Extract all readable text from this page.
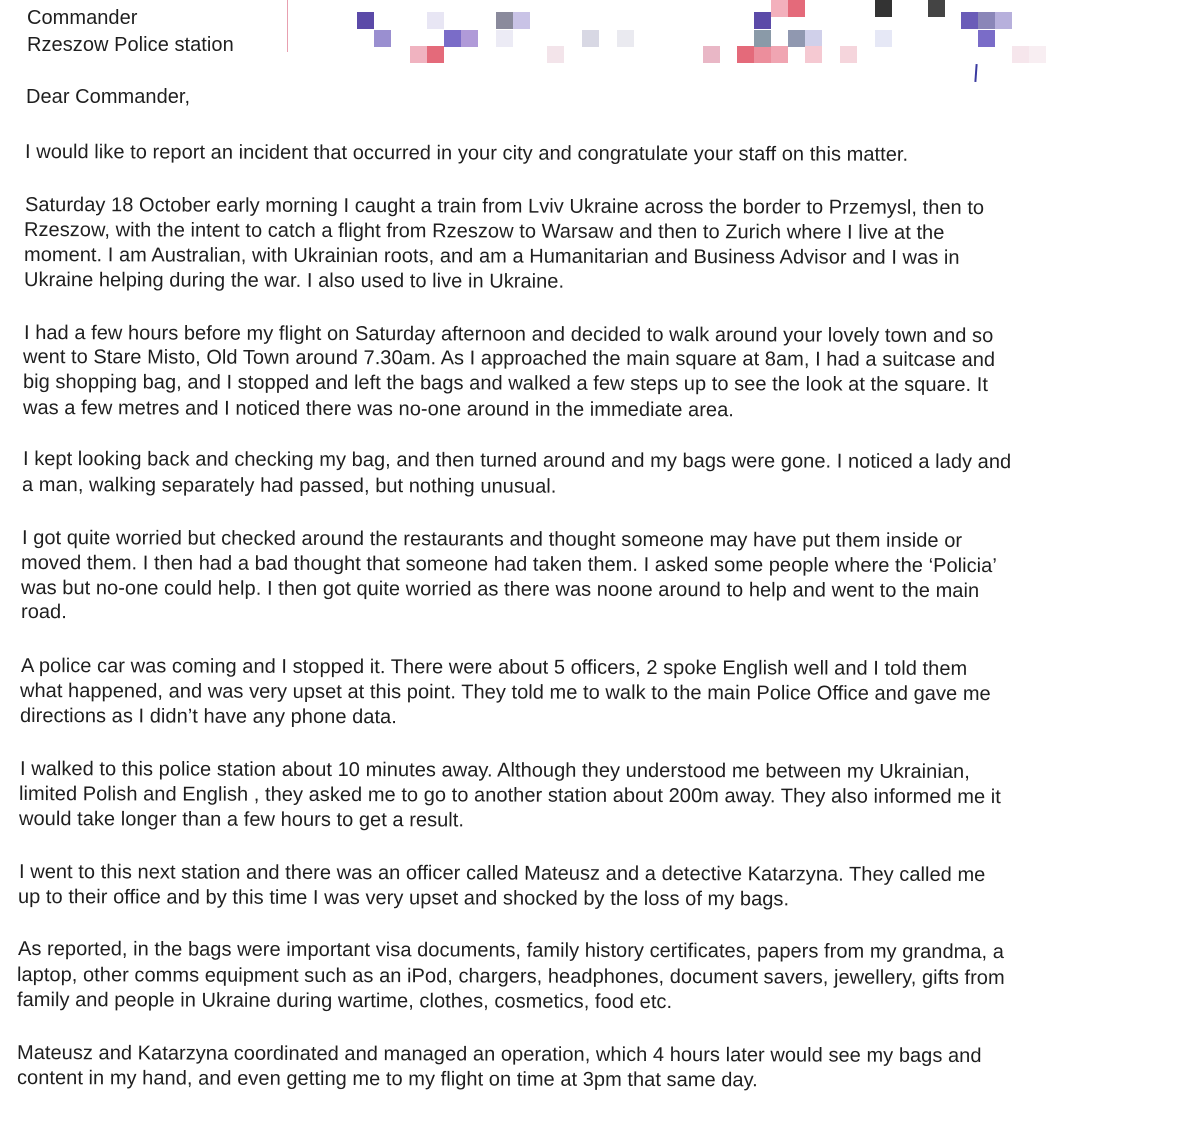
Commander
Rzeszow Police station
Dear Commander,
I would like to report an incident that occurred in your city and congratulate your staff on this matter.
Saturday 18 October early morning I caught a train from Lviv Ukraine across the border to Przemysl, then to
Rzeszow, with the intent to catch a flight from Rzeszow to Warsaw and then to Zurich where I live at the
moment. I am Australian, with Ukrainian roots, and am a Humanitarian and Business Advisor and I was in
Ukraine helping during the war. I also used to live in Ukraine.
I had a few hours before my flight on Saturday afternoon and decided to walk around your lovely town and so
went to Stare Misto, Old Town around 7.30am. As I approached the main square at 8am, I had a suitcase and
big shopping bag, and I stopped and left the bags and walked a few steps up to see the look at the square. It
was a few metres and I noticed there was no-one around in the immediate area.
I kept looking back and checking my bag, and then turned around and my bags were gone. I noticed a lady and
a man, walking separately had passed, but nothing unusual.
I got quite worried but checked around the restaurants and thought someone may have put them inside or
moved them. I then had a bad thought that someone had taken them. I asked some people where the ‘Policia’
was but no-one could help. I then got quite worried as there was noone around to help and went to the main
road.
A police car was coming and I stopped it. There were about 5 officers, 2 spoke English well and I told them
what happened, and was very upset at this point. They told me to walk to the main Police Office and gave me
directions as I didn’t have any phone data.
I walked to this police station about 10 minutes away. Although they understood me between my Ukrainian,
limited Polish and English , they asked me to go to another station about 200m away. They also informed me it
would take longer than a few hours to get a result.
I went to this next station and there was an officer called Mateusz and a detective Katarzyna. They called me
up to their office and by this time I was very upset and shocked by the loss of my bags.
As reported, in the bags were important visa documents, family history certificates, papers from my grandma, a
laptop, other comms equipment such as an iPod, chargers, headphones, document savers, jewellery, gifts from
family and people in Ukraine during wartime, clothes, cosmetics, food etc.
Mateusz and Katarzyna coordinated and managed an operation, which 4 hours later would see my bags and
content in my hand, and even getting me to my flight on time at 3pm that same day.
